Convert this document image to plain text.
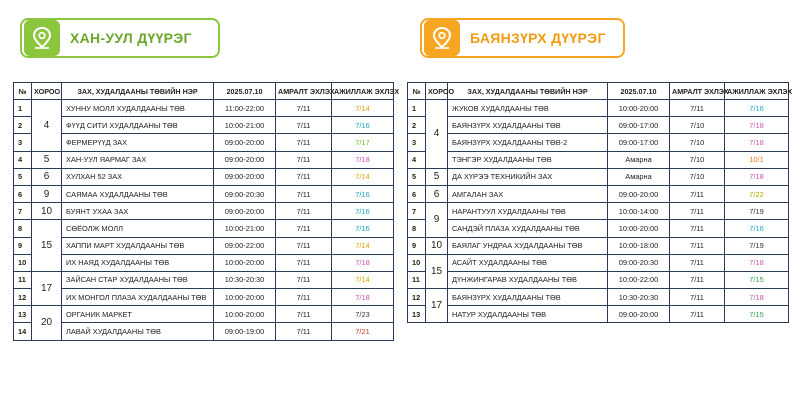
ХАН-УУЛ ДҮҮРЭГ	БАЯНЗҮРХ ДҮҮРЭГ
№	ХОРОО	ЗАХ, ХУДАЛДААНЫ ТӨВИЙН НЭР	2025.07.10	АМРАЛТ ЭХЛЭХ	АЖИЛЛАЖ ЭХЛЭХ
1	4	ХУННУ МОЛЛ ХУДАЛДААНЫ ТӨВ	11:00-22:00	7/11	7/14
2		ФҮҮД СИТИ ХУДАЛДААНЫ ТӨВ	10:00-21:00	7/11	7/16
3		ФЕРМЕРҮҮД ЗАХ	09:00-20:00	7/11	7/17
4	5	ХАН-УУЛ ЯАРМАГ ЗАХ	09:00-20:00	7/11	7/18
5	6	ХУЛХАН 52 ЗАХ	09:00-20:00	7/11	7/14
6	9	САЯМАА ХУДАЛДААНЫ ТӨВ	09:00-20:30	7/11	7/16
7	10	БУЯНТ УХАА ЗАХ	09:00-20:00	7/11	7/16
8	15	СӨЁОЛЖ МОЛЛ	10:00-21:00	7/11	7/16
9		ХАППИ МАРТ ХУДАЛДААНЫ ТӨВ	09:00-22:00	7/11	7/14
10		ИХ НАЯД ХУДАЛДААНЫ ТӨВ	10:00-20:00	7/11	7/18
11	17	ЗАЙСАН СТАР ХУДАЛДААНЫ ТӨВ	10:30-20:30	7/11	7/14
12		ИХ МОНГОЛ ПЛАЗА ХУДАЛДААНЫ ТӨВ	10:00-20:00	7/11	7/18
13	20	ОРГАНИК МАРКЕТ	10:00-20:00	7/11	7/23
14		ЛАВАЙ ХУДАЛДААНЫ ТӨВ	09:00-19:00	7/11	7/21
№	ХОРОО	ЗАХ, ХУДАЛДААНЫ ТӨВИЙН НЭР	2025.07.10	АМРАЛТ ЭХЛЭХ	АЖИЛЛАЖ ЭХЛЭХ
1	4	ЖУКОВ ХУДАЛДААНЫ ТӨВ	10:00-20:00	7/11	7/16
2		БАЯНЗҮРХ ХУДАЛДААНЫ ТӨВ	09:00-17:00	7/10	7/18
3		БАЯНЗҮРХ ХУДАЛДААНЫ ТӨВ-2	09:00-17:00	7/10	7/18
4		ТЭНГЭР ХУДАЛДААНЫ ТӨВ	Амарна	7/10	10/1
5	5	ДА ХҮРЭЭ ТЕХНИКИЙН ЗАХ	Амарна	7/10	7/18
6	6	АМГАЛАН ЗАХ	09:00-20:00	7/11	7/22
7	9	НАРАНТУУЛ ХУДАЛДААНЫ ТӨВ	10:00-14:00	7/11	7/19
8		САНДЭЙ ПЛАЗА ХУДАЛДААНЫ ТӨВ	10:00-20:00	7/11	7/16
9	10	БАЯЛАГ УНДРАА ХУДАЛДААНЫ ТӨВ	10:00-18:00	7/11	7/19
10	15	АСАЙТ ХУДАЛДААНЫ ТӨВ	09:00-20:30	7/11	7/18
11		ДҮНЖИНГАРАВ ХУДАЛДААНЫ ТӨВ	10:00-22:00	7/11	7/15
12	17	БАЯНЗҮРХ ХУДАЛДААНЫ ТӨВ	10:30-20:30	7/11	7/18
13		НАТУР ХУДАЛДААНЫ ТӨВ	09:00-20:00	7/11	7/15
